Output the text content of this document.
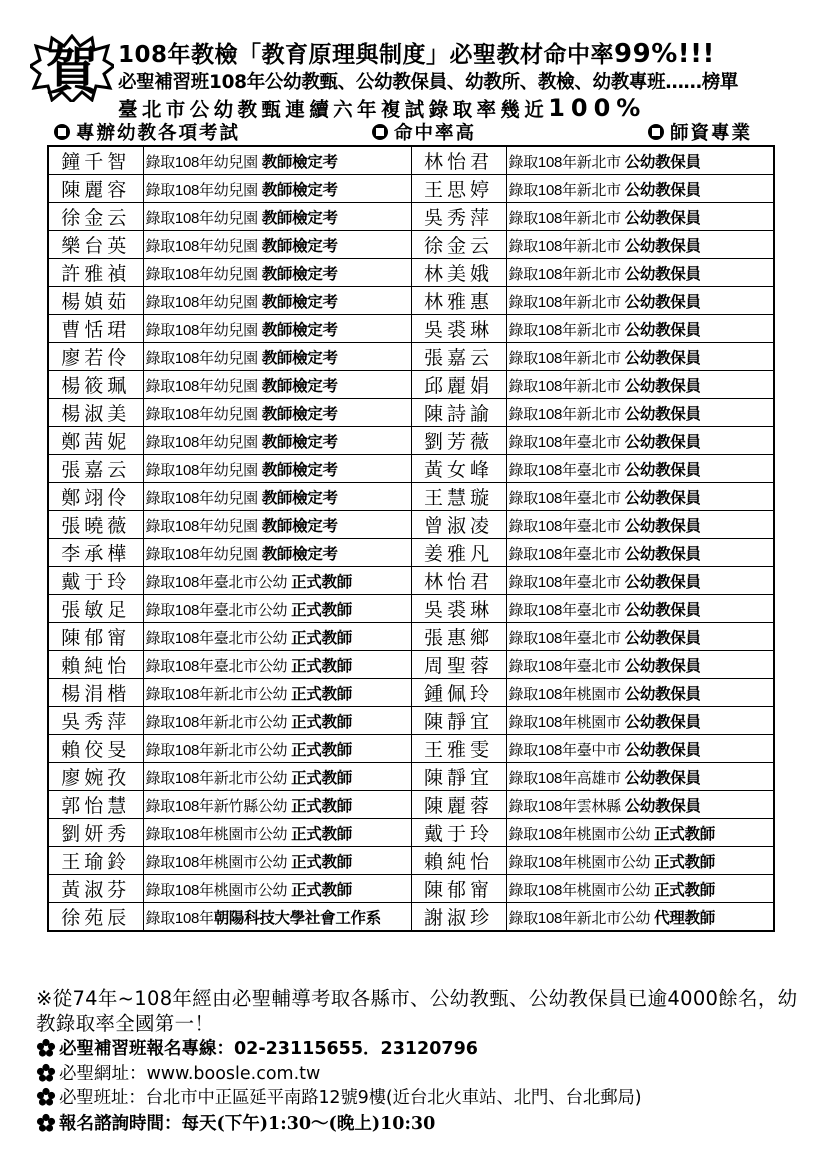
賀 108年教檢「教育原理與制度」必聖教材命中率99%!!!
必聖補習班108年公幼教甄、公幼教保員、幼教所、教檢、幼教專班……榜單
臺北市公幼教甄連續六年複試錄取率幾近100%
專辦幼教各項考試	命中率高	師資專業
鐘千智	錄取108年幼兒園 教師檢定考	林怡君	錄取108年新北市 公幼教保員
陳麗容	錄取108年幼兒園 教師檢定考	王思婷	錄取108年新北市 公幼教保員
徐金云	錄取108年幼兒園 教師檢定考	吳秀萍	錄取108年新北市 公幼教保員
樂台英	錄取108年幼兒園 教師檢定考	徐金云	錄取108年新北市 公幼教保員
許雅禎	錄取108年幼兒園 教師檢定考	林美娥	錄取108年新北市 公幼教保員
楊媜茹	錄取108年幼兒園 教師檢定考	林雅惠	錄取108年新北市 公幼教保員
曹恬珺	錄取108年幼兒園 教師檢定考	吳裘琳	錄取108年新北市 公幼教保員
廖若伶	錄取108年幼兒園 教師檢定考	張嘉云	錄取108年新北市 公幼教保員
楊筱珮	錄取108年幼兒園 教師檢定考	邱麗娟	錄取108年新北市 公幼教保員
楊淑美	錄取108年幼兒園 教師檢定考	陳詩諭	錄取108年新北市 公幼教保員
鄭茜妮	錄取108年幼兒園 教師檢定考	劉芳薇	錄取108年臺北市 公幼教保員
張嘉云	錄取108年幼兒園 教師檢定考	黃女峰	錄取108年臺北市 公幼教保員
鄭翊伶	錄取108年幼兒園 教師檢定考	王慧璇	錄取108年臺北市 公幼教保員
張曉薇	錄取108年幼兒園 教師檢定考	曾淑凌	錄取108年臺北市 公幼教保員
李承樺	錄取108年幼兒園 教師檢定考	姜雅凡	錄取108年臺北市 公幼教保員
戴于玲	錄取108年臺北市公幼 正式教師	林怡君	錄取108年臺北市 公幼教保員
張敏足	錄取108年臺北市公幼 正式教師	吳裘琳	錄取108年臺北市 公幼教保員
陳郁甯	錄取108年臺北市公幼 正式教師	張惠鄉	錄取108年臺北市 公幼教保員
賴純怡	錄取108年臺北市公幼 正式教師	周聖蓉	錄取108年臺北市 公幼教保員
楊涓楷	錄取108年新北市公幼 正式教師	鍾佩玲	錄取108年桃園市 公幼教保員
吳秀萍	錄取108年新北市公幼 正式教師	陳靜宜	錄取108年桃園市 公幼教保員
賴佼旻	錄取108年新北市公幼 正式教師	王雅雯	錄取108年臺中市 公幼教保員
廖婉孜	錄取108年新北市公幼 正式教師	陳靜宜	錄取108年高雄市 公幼教保員
郭怡慧	錄取108年新竹縣公幼 正式教師	陳麗蓉	錄取108年雲林縣 公幼教保員
劉妍秀	錄取108年桃園市公幼 正式教師	戴于玲	錄取108年桃園市公幼 正式教師
王瑜鈴	錄取108年桃園市公幼 正式教師	賴純怡	錄取108年桃園市公幼 正式教師
黃淑芬	錄取108年桃園市公幼 正式教師	陳郁甯	錄取108年桃園市公幼 正式教師
徐苑辰	錄取108年朝陽科技大學社會工作系	謝淑珍	錄取108年新北市公幼 代理教師
※從74年~108年經由必聖輔導考取各縣市、公幼教甄、公幼教保員已逾4000餘名，幼教錄取率全國第一！
必聖補習班報名專線：02-23115655．23120796
必聖網址：www.boosle.com.tw
必聖班址：台北市中正區延平南路12號9樓(近台北火車站、北門、台北郵局)
報名諮詢時間：每天(下午)1:30～(晚上)10:30
